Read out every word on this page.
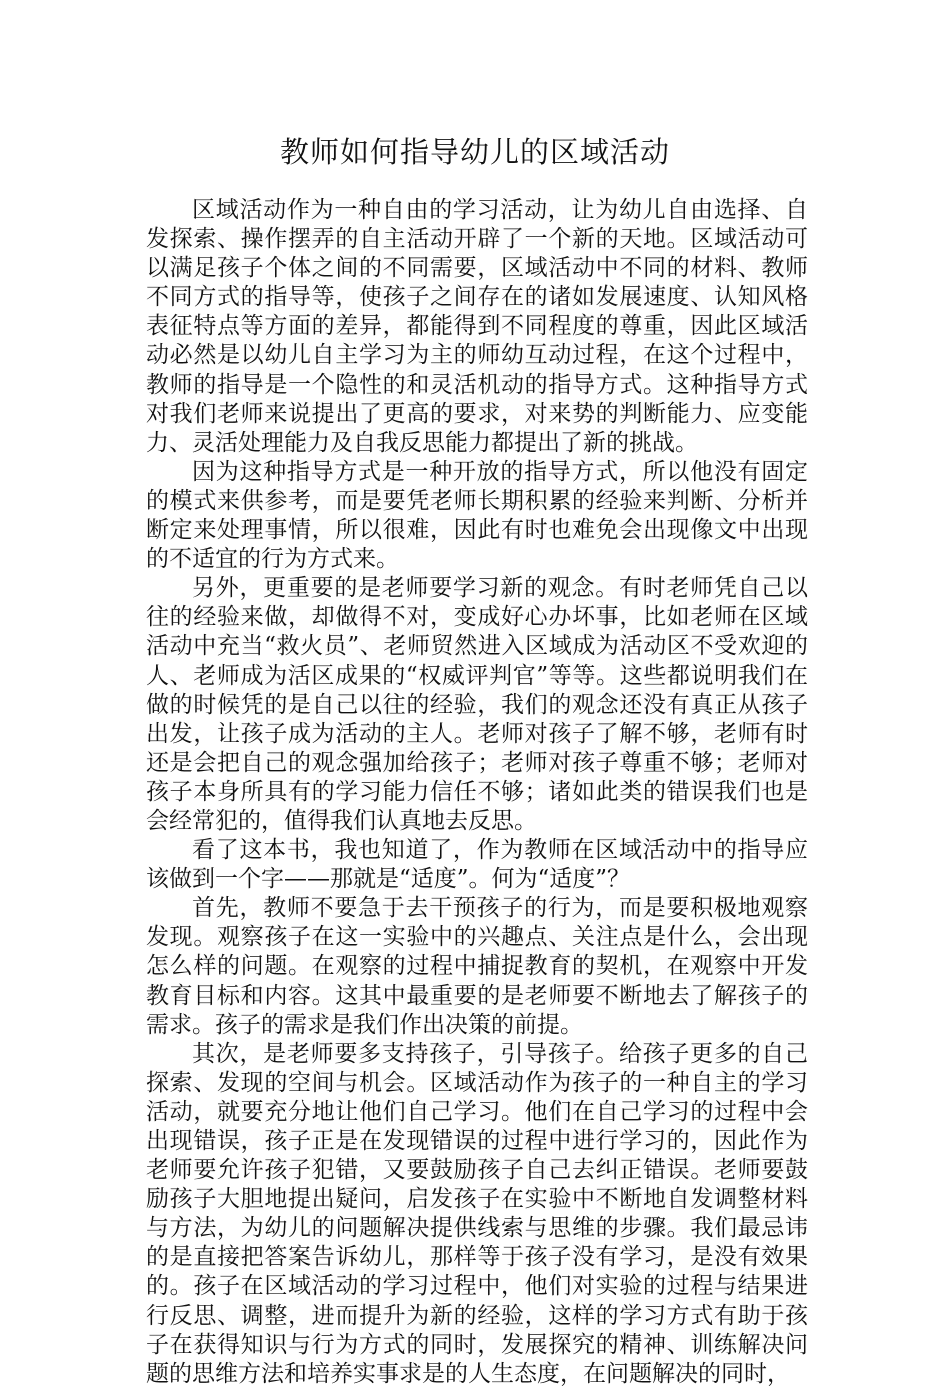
教师如何指导幼儿的区域活动

区域活动作为一种自由的学习活动，让为幼儿自由选择、自发探索、操作摆弄的自主活动开辟了一个新的天地。区域活动可以满足孩子个体之间的不同需要，区域活动中不同的材料、教师不同方式的指导等，使孩子之间存在的诸如发展速度、认知风格表征特点等方面的差异，都能得到不同程度的尊重，因此区域活动必然是以幼儿自主学习为主的师幼互动过程，在这个过程中，教师的指导是一个隐性的和灵活机动的指导方式。这种指导方式对我们老师来说提出了更高的要求，对来势的判断能力、应变能力、灵活处理能力及自我反思能力都提出了新的挑战。

因为这种指导方式是一种开放的指导方式，所以他没有固定的模式来供参考，而是要凭老师长期积累的经验来判断、分析并断定来处理事情，所以很难，因此有时也难免会出现像文中出现的不适宜的行为方式来。

另外，更重要的是老师要学习新的观念。有时老师凭自己以往的经验来做，却做得不对，变成好心办坏事，比如老师在区域活动中充当“救火员”、老师贸然进入区域成为活动区不受欢迎的人、老师成为活区成果的“权威评判官”等等。这些都说明我们在做的时候凭的是自己以往的经验，我们的观念还没有真正从孩子出发，让孩子成为活动的主人。老师对孩子了解不够，老师有时还是会把自己的观念强加给孩子；老师对孩子尊重不够；老师对孩子本身所具有的学习能力信任不够；诸如此类的错误我们也是会经常犯的，值得我们认真地去反思。

看了这本书，我也知道了，作为教师在区域活动中的指导应该做到一个字——那就是“适度”。何为“适度”？

首先，教师不要急于去干预孩子的行为，而是要积极地观察发现。观察孩子在这一实验中的兴趣点、关注点是什么，会出现怎么样的问题。在观察的过程中捕捉教育的契机，在观察中开发教育目标和内容。这其中最重要的是老师要不断地去了解孩子的需求。孩子的需求是我们作出决策的前提。

其次，是老师要多支持孩子，引导孩子。给孩子更多的自己探索、发现的空间与机会。区域活动作为孩子的一种自主的学习活动，就要充分地让他们自己学习。他们在自己学习的过程中会出现错误，孩子正是在发现错误的过程中进行学习的，因此作为老师要允许孩子犯错，又要鼓励孩子自己去纠正错误。老师要鼓励孩子大胆地提出疑问，启发孩子在实验中不断地自发调整材料与方法，为幼儿的问题解决提供线索与思维的步骤。我们最忌讳的是直接把答案告诉幼儿，那样等于孩子没有学习，是没有效果的。孩子在区域活动的学习过程中，他们对实验的过程与结果进行反思、调整，进而提升为新的经验，这样的学习方式有助于孩子在获得知识与行为方式的同时，发展探究的精神、训练解决问题的思维方法和培养实事求是的人生态度，在问题解决的同时，
